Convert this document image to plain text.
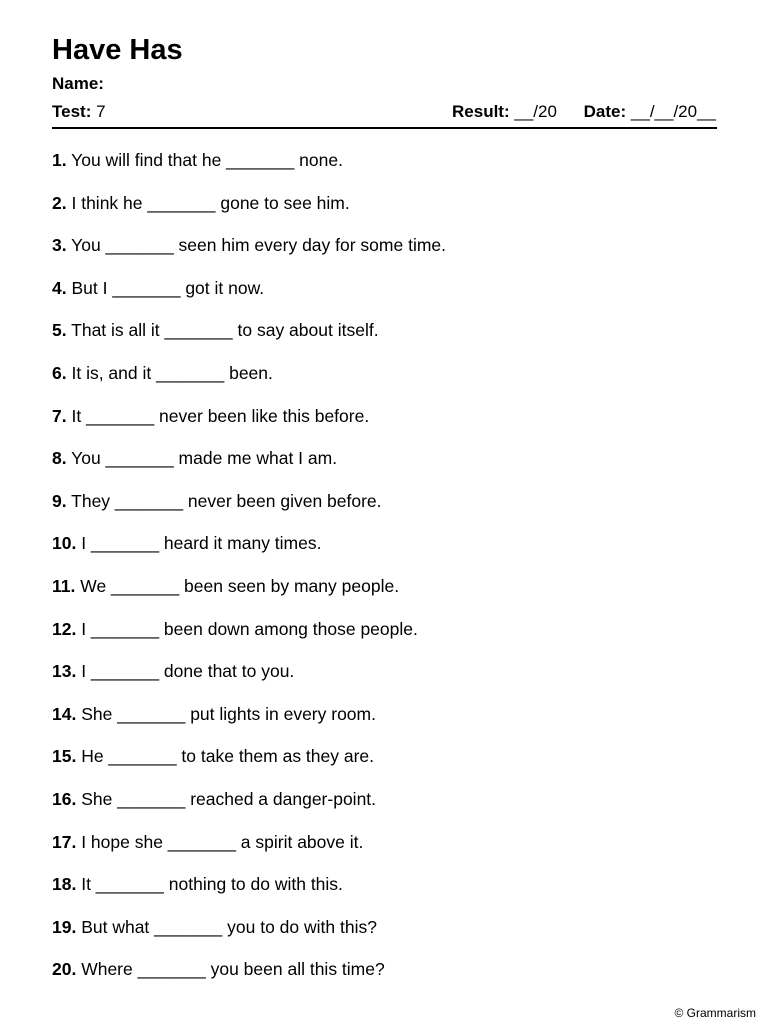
Have Has
Name:
Test: 7	Result: __/20 Date: __/__/20__
1. You will find that he _______ none.
2. I think he _______ gone to see him.
3. You _______ seen him every day for some time.
4. But I _______ got it now.
5. That is all it _______ to say about itself.
6. It is, and it _______ been.
7. It _______ never been like this before.
8. You _______ made me what I am.
9. They _______ never been given before.
10. I _______ heard it many times.
11. We _______ been seen by many people.
12. I _______ been down among those people.
13. I _______ done that to you.
14. She _______ put lights in every room.
15. He _______ to take them as they are.
16. She _______ reached a danger-point.
17. I hope she _______ a spirit above it.
18. It _______ nothing to do with this.
19. But what _______ you to do with this?
20. Where _______ you been all this time?
© Grammarism
